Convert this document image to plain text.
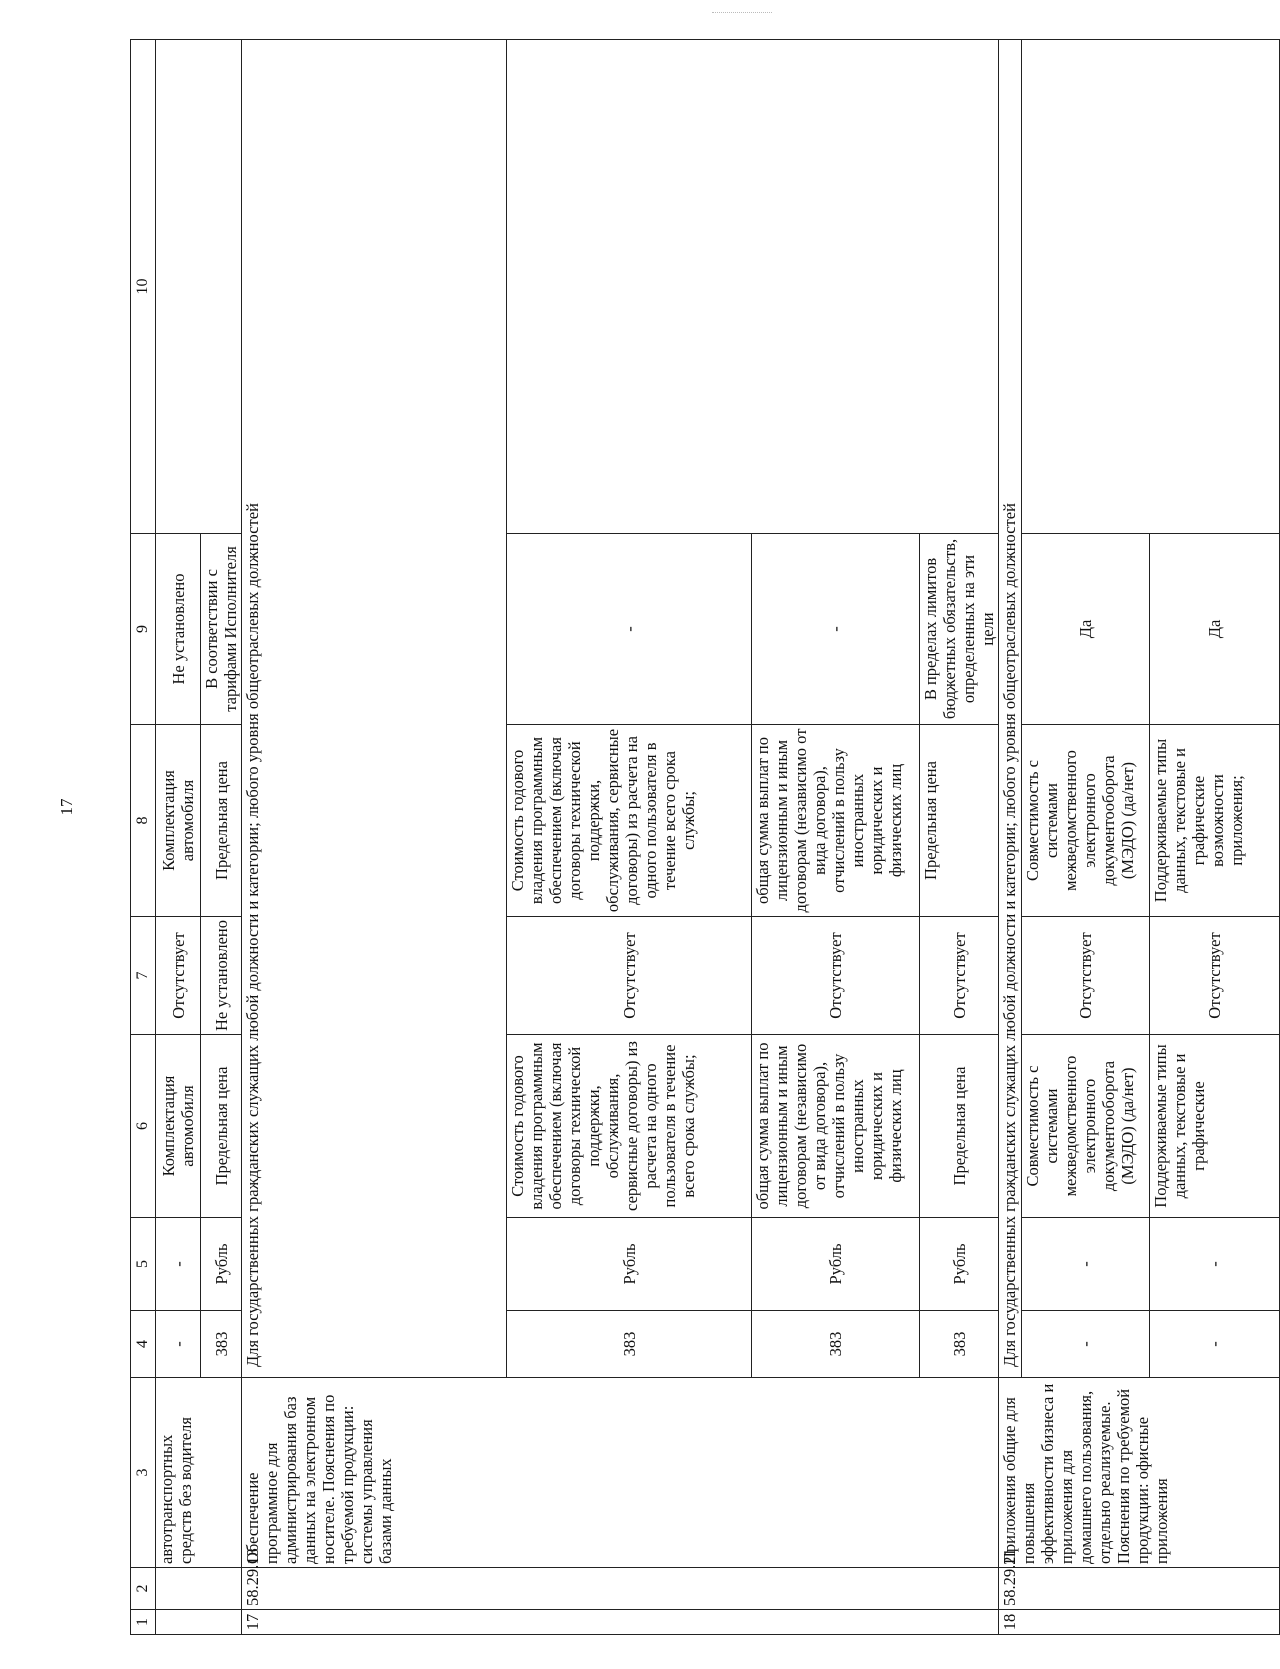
17
1	2	3	4	5	6	7	8	9	10
		автотранспортных средств без водителя	-	-	Комплектация автомобиля	Отсутствует	Комплектация автомобиля	Не установлено	
			383	Рубль	Предельная цена	Не установлено	Предельная цена	В соответствии с тарифами Исполнителя	
17	58.29.13	Обеспечение программное для администрирования баз данных на электронном носителе. Пояснения по требуемой продукции: системы управления базами данных	Для государственных гражданских служащих любой должности и категории; любого уровня общеотраслевых должностей						
			383	Рубль	Стоимость годового владения программным обеспечением (включая договоры технической поддержки, обслуживания, сервисные договоры) из расчета на одного пользователя в течение всего срока службы;	Отсутствует	Стоимость годового владения программным обеспечением (включая договоры технической поддержки, обслуживания, сервисные договоры) из расчета на одного пользователя в течение всего срока службы;	-	
			383	Рубль	общая сумма выплат по лицензионным и иным договорам (независимо от вида договора), отчислений в пользу иностранных юридических и физических лиц	Отсутствует	общая сумма выплат по лицензионным и иным договорам (независимо от вида договора), отчислений в пользу иностранных юридических и физических лиц	-	
			383	Рубль	Предельная цена	Отсутствует	Предельная цена	В пределах лимитов бюджетных обязательств, определенных на эти цели	
18	58.29.21	Приложения общие для повышения эффективности бизнеса и приложения для домашнего пользования, отдельно реализуемые. Пояснения по требуемой продукции: офисные приложения	Для государственных гражданских служащих любой должности и категории; любого уровня общеотраслевых должностей						
			-	-	Совместимость с системами межведомственного электронного документооборота (МЭДО) (да/нет)	Отсутствует	Совместимость с системами межведомственного электронного документооборота (МЭДО) (да/нет)	Да	
			-	-	Поддерживаемые типы данных, текстовые и графические	Отсутствует	Поддерживаемые типы данных, текстовые и графические возможности приложения;	Да	
